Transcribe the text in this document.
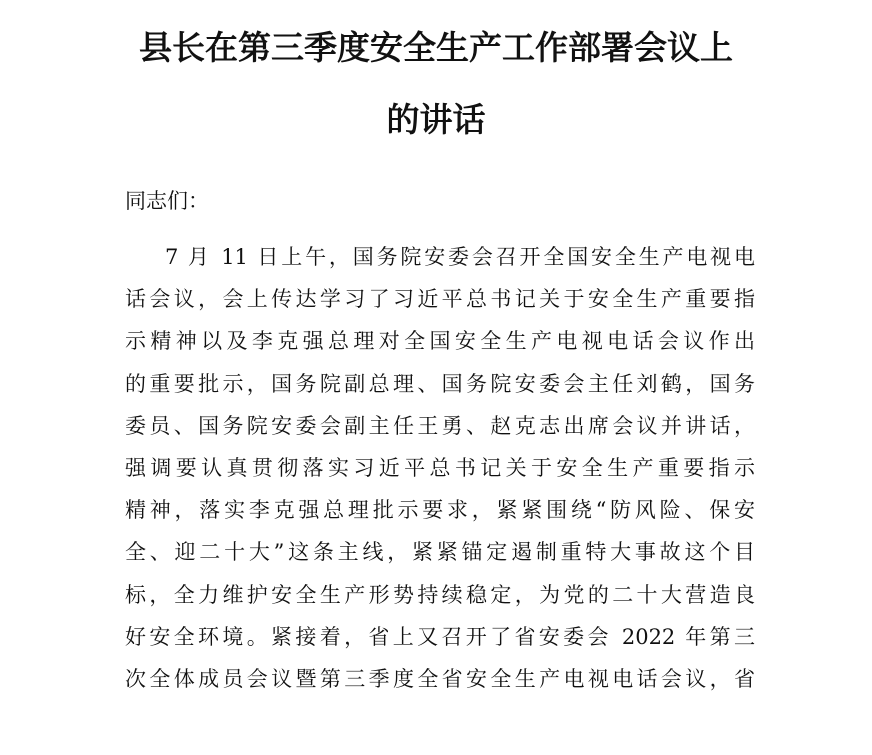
县长在第三季度安全生产工作部署会议上
的讲话

同志们：

7 月 11 日上午，国务院安委会召开全国安全生产电视电
话会议，会上传达学习了习近平总书记关于安全生产重要指
示精神以及李克强总理对全国安全生产电视电话会议作出
的重要批示，国务院副总理、国务院安委会主任刘鹤，国务
委员、国务院安委会副主任王勇、赵克志出席会议并讲话，
强调要认真贯彻落实习近平总书记关于安全生产重要指示
精神，落实李克强总理批示要求，紧紧围绕“防风险、保安
全、迎二十大”这条主线，紧紧锚定遏制重特大事故这个目
标，全力维护安全生产形势持续稳定，为党的二十大营造良
好安全环境。紧接着，省上又召开了省安委会 2022 年第三
次全体成员会议暨第三季度全省安全生产电视电话会议，省
